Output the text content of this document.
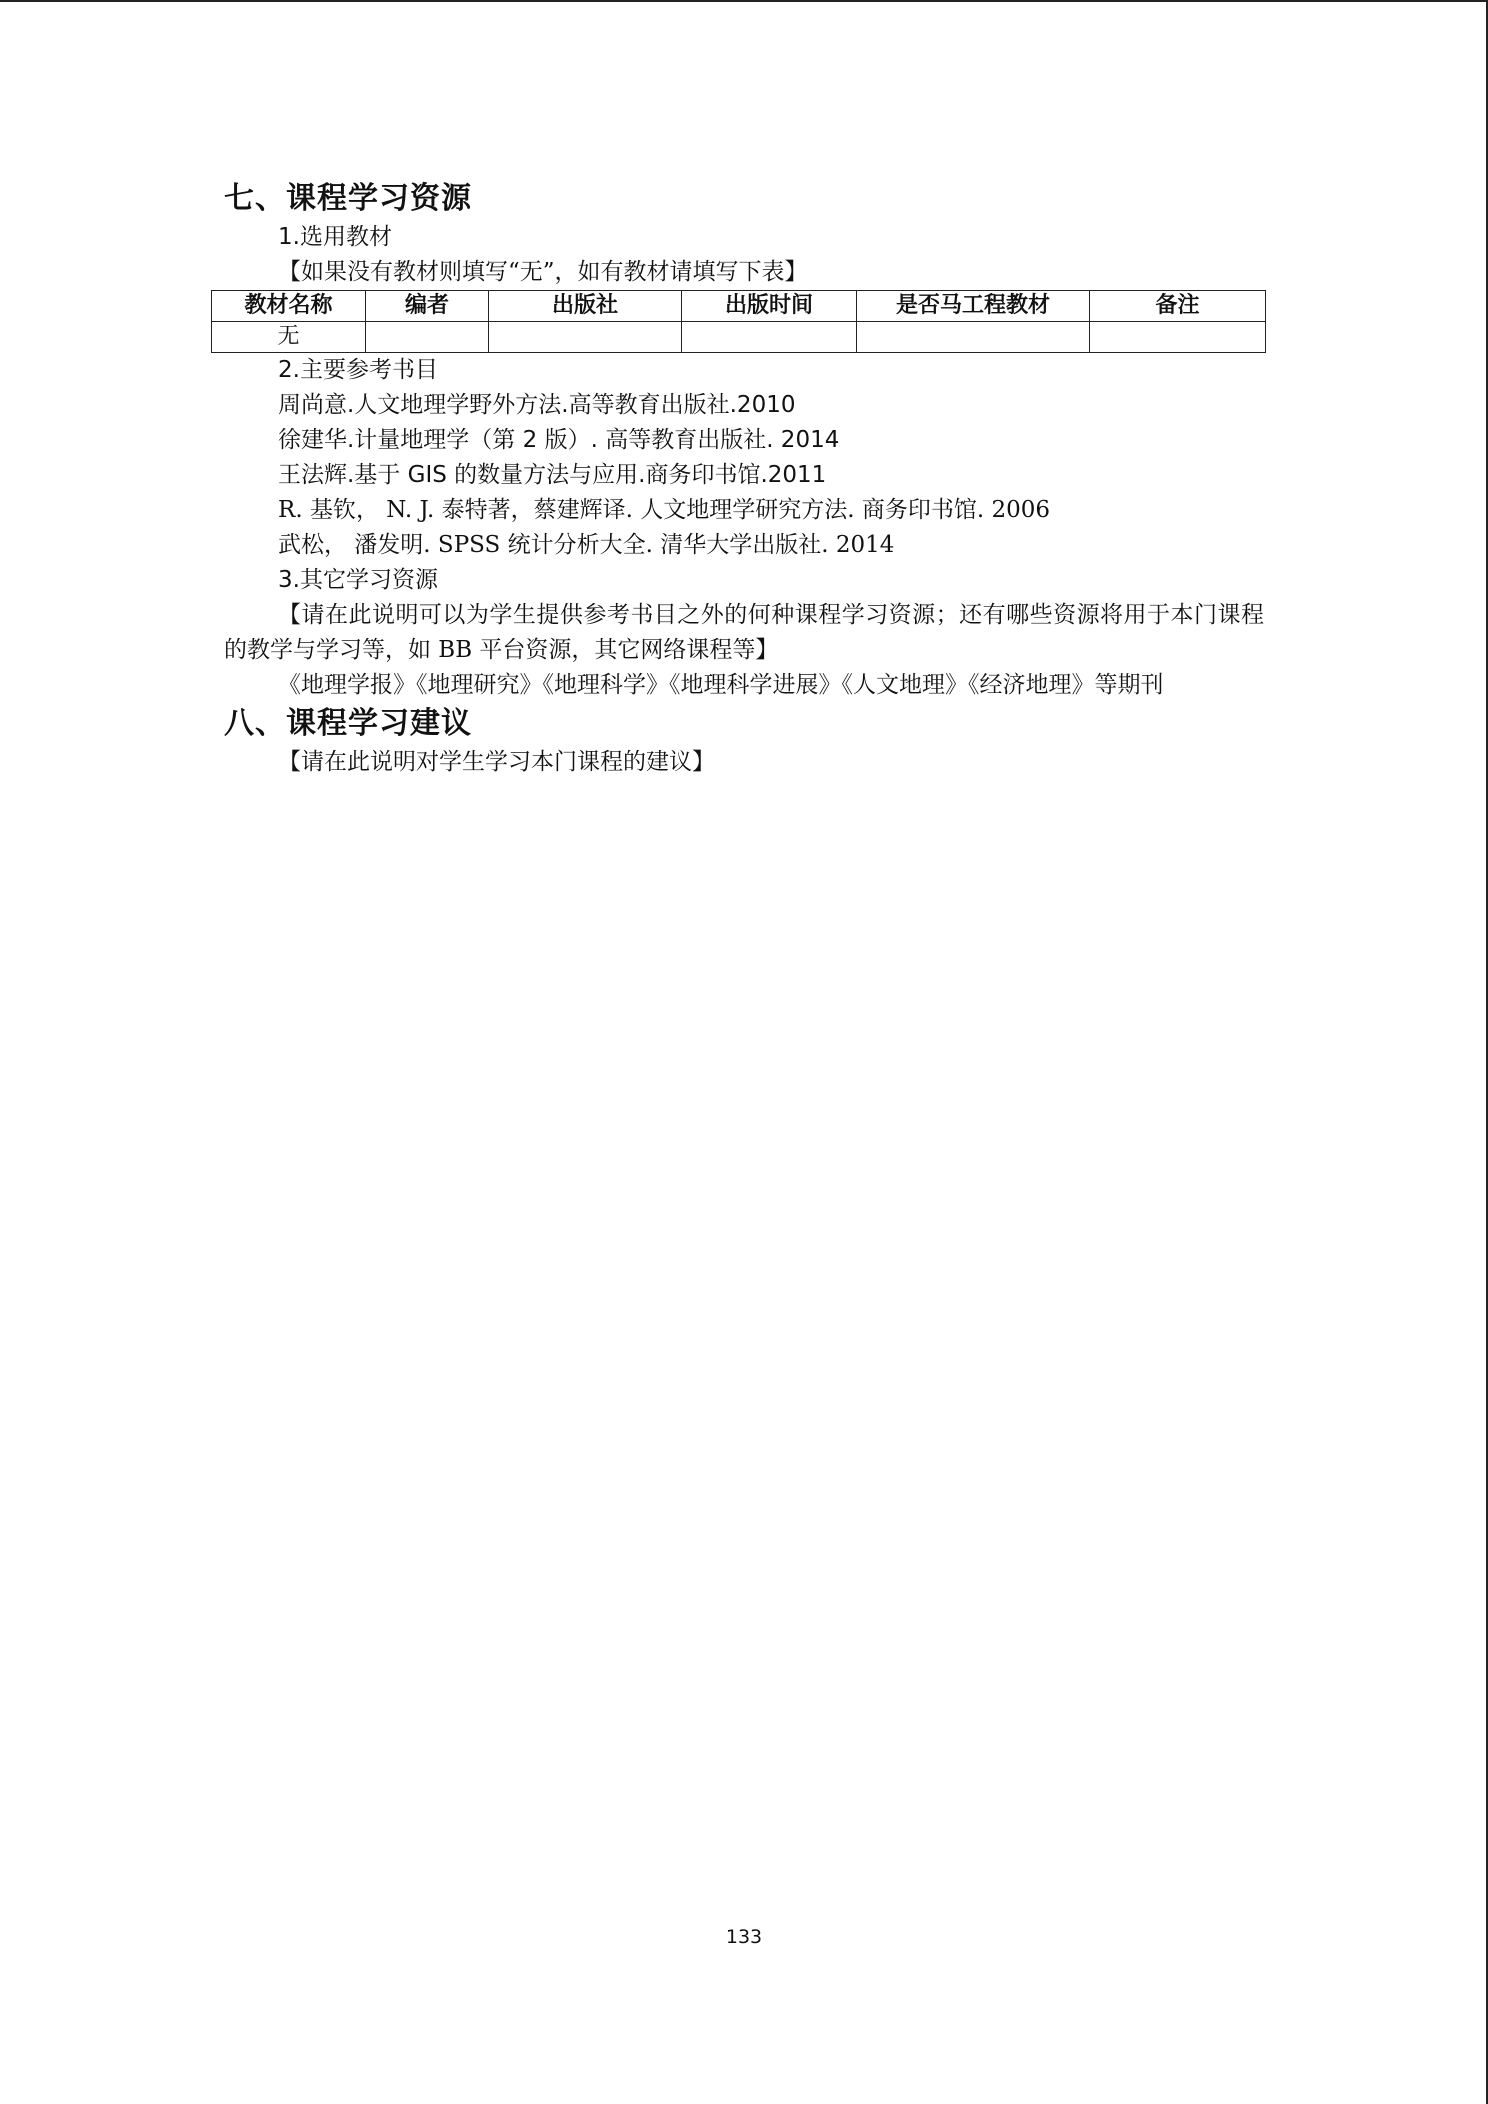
七、课程学习资源
1.选用教材
【如果没有教材则填写“无”，如有教材请填写下表】
教材名称	编者	出版社	出版时间	是否马工程教材	备注
无					
2.主要参考书目
周尚意.人文地理学野外方法.高等教育出版社.2010
徐建华.计量地理学（第 2 版）. 高等教育出版社. 2014
王法辉.基于 GIS 的数量方法与应用.商务印书馆.2011
R. 基钦， N. J. 泰特著，蔡建辉译. 人文地理学研究方法. 商务印书馆. 2006
武松， 潘发明. SPSS 统计分析大全. 清华大学出版社. 2014
3.其它学习资源
【请在此说明可以为学生提供参考书目之外的何种课程学习资源；还有哪些资源将用于本门课程的教学与学习等，如 BB 平台资源，其它网络课程等】
《地理学报》《地理研究》《地理科学》《地理科学进展》《人文地理》《经济地理》等期刊
八、课程学习建议
【请在此说明对学生学习本门课程的建议】
133
